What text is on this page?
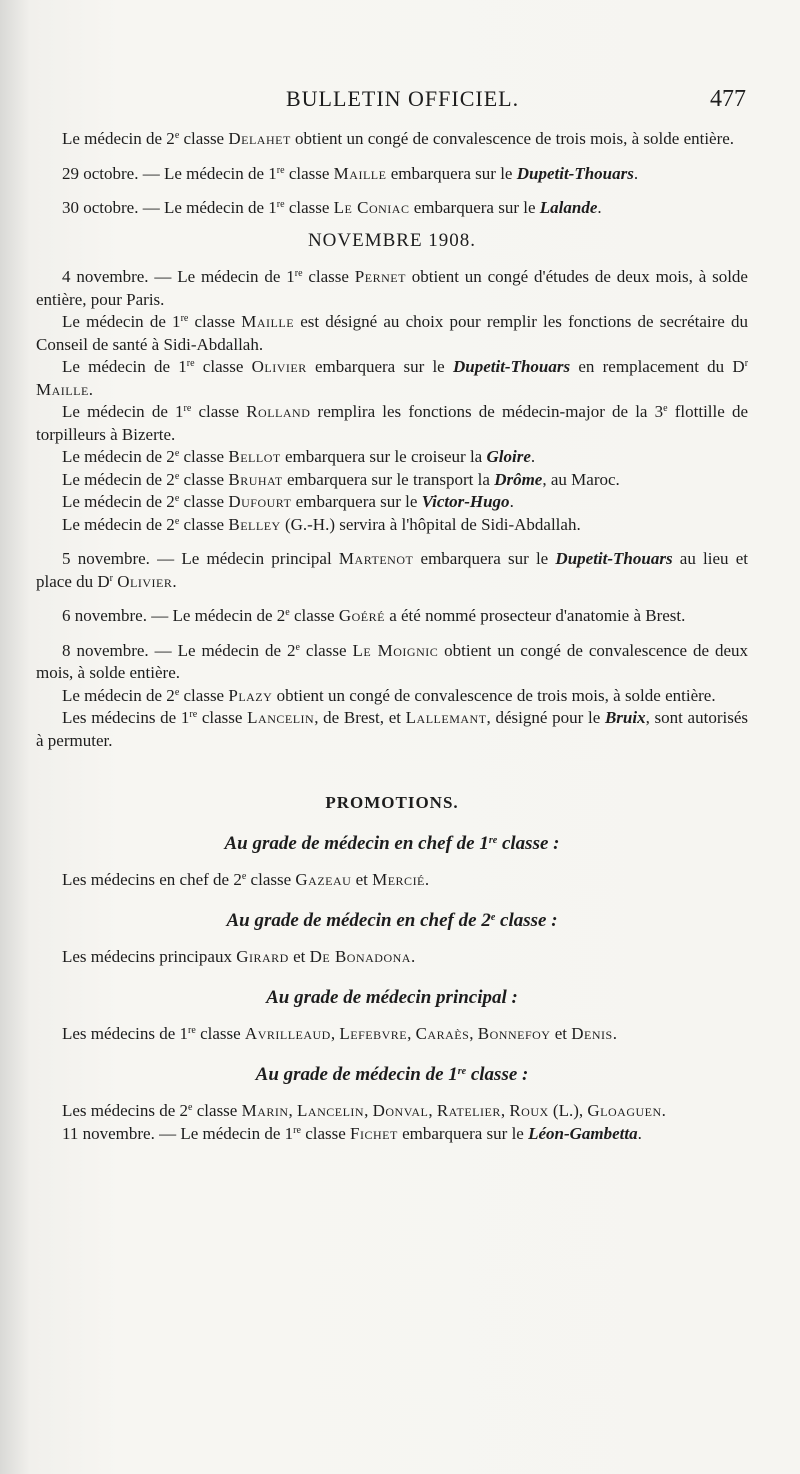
BULLETIN OFFICIEL.	477

Le médecin de 2e classe Delahet obtient un congé de convalescence de trois mois, à solde entière.

29 octobre. — Le médecin de 1re classe Maille embarquera sur le Dupetit-Thouars.

30 octobre. — Le médecin de 1re classe Le Coniac embarquera sur le Lalande.

NOVEMBRE 1908.

4 novembre. — Le médecin de 1re classe Pernet obtient un congé d'études de deux mois, à solde entière, pour Paris.

Le médecin de 1re classe Maille est désigné au choix pour remplir les fonctions de secrétaire du Conseil de santé à Sidi-Abdallah.

Le médecin de 1re classe Olivier embarquera sur le Dupetit-Thouars en remplacement du $D^r$ Maille.

Le médecin de 1re classe Rolland remplira les fonctions de médecin-major de la 3e flottille de torpilleurs à Bizerte.

Le médecin de 2e classe Bellot embarquera sur le croiseur la Gloire.

Le médecin de 2e classe Bruhat embarquera sur le transport la Drôme, au Maroc.

Le médecin de 2e classe Dufourt embarquera sur le Victor-Hugo.

Le médecin de 2e classe Belley (G.-H.) servira à l'hôpital de Sidi-Abdallah.

5 novembre. — Le médecin principal Martenot embarquera sur le Dupetit-Thouars au lieu et place du $D^r$ Olivier.

6 novembre. — Le médecin de 2e classe Goéré a été nommé prosecteur d'anatomie à Brest.

8 novembre. — Le médecin de 2e classe Le Moignic obtient un congé de convalescence de deux mois, à solde entière.

Le médecin de 2e classe Plazy obtient un congé de convalescence de trois mois, à solde entière.

Les médecins de 1re classe Lancelin, de Brest, et Lallemant, désigné pour le Bruix, sont autorisés à permuter.

PROMOTIONS.
Au grade de médecin en chef de 1re classe :

Les médecins en chef de 2e classe Gazeau et Mercié.

Au grade de médecin en chef de 2e classe :

Les médecins principaux Girard et De Bonadona.

Au grade de médecin principal :

Les médecins de 1re classe Avrilleaud, Lefebvre, Caraès, Bonnefoy et Denis.

Au grade de médecin de 1re classe :

Les médecins de 2e classe Marin, Lancelin, Donval, Ratelier, Roux (L.), Gloaguen.

11 novembre. — Le médecin de 1re classe Fichet embarquera sur le Léon-Gambetta.
